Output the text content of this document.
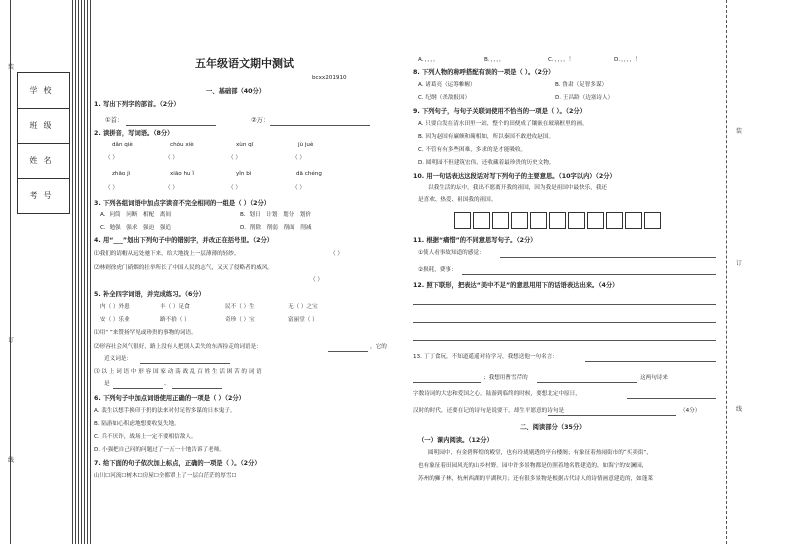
装
订
线
学校
班级
姓名
考号
装
订
线
五年级语文期中测试
bcxx201910
一、基础部（40分）
1. 写出下列字的部首。（2分）
①首：	②万：
2. 读拼音，写词语。（8分）
dǎn qiè	chóu xiè	xùn qī	jù juè
（ ）	（ ）	（ ）	（ ）
zhāo jì	xiāo hu ǐ	yǐn bì	dā chéng
（ ）	（ ）	（ ）	（ ）
3. 下列各组词语中加点字读音不完全相同的一组是（ ）（2分）
A．问筒　问断　相配　离间	B．划日　计划　划分　划价
C．勉强　强求　强迫　强追	D．削除　削弱　削面　削减
4. 用“___”划出下列句子中的错别字，并改正在括号里。（2分）
⑴我们的请帽从远处驰下来，给大地拢上一层薄薄的轻纱。	（ ）
⑵林则徐虎门硝烟的壮举所长了中国人民的志气，又灭了侵略者的威风。
（ ）
5. 补全四字词语，并完成练习。（6分）
内（ ）外患	丰（ ）足食	民不（ ）生	无（ ）之宝
安（ ）乐业	路不拾（ ）	奇珍（ ）宝	富丽堂（ ）
⑴用“ ”来赞扬罕见或珍贵的事物的词语。
⑵形容社会风气很好，路上没有人把别人丢失的东西捡走的词语是：	，它的
近义词是：
⑶ 以 上 词 语 中 形 容 国 家 动 荡 战 乱 百 姓 生 活 困 苦 的 词 语
是	、
6. 下列句子中加点词语使用正确的一项是（ ）（2分）
A. 裴生以想手换印于扔的法来对付足智多谋的日本鬼子。
B. 陆游如心积虑地想要收复失地。
C. 兵不厌诈，战场上一定不要相信敌人。
D. 小强把自己问的问题过了一五一十地告诉了老师。
7. 给下面的句子依次加上标点，正确的一项是（ ）。（2分）
山川☐河流☐树木☐房屋☐全都罩上了一层白茫茫的厚雪☐
A．，，，。	B．，，，，	C．，，，，！	D．，，，，！
8. 下列人物的称呼搭配有误的一项是（ ）。（2分）
A. 诸葛亮（运筹帷幄）	B. 鲁肃（足智多谋）
C. 纪纲（杀敌报国）	D. 王昌龄（边塞诗人）
9. 下列句子，与句子关联词使用不恰当的一项是（ ）。（2分）
A. 只要白发在清水田里一站，整个的田便成了镶嵌在玻璃框里的画。
B. 因为赵国有廉颇和蔺相如，所以秦国不敢进攻赵国。
C. 不管有有多些困难，多求的是才能吸收。
D. 圆明园不但建筑宏伟，还收藏着最珍贵的历史文物。
10. 用一句话表达这段话对写下列句子的主要意思。（10字以内）（2分）
以我生活的坛中，我出不愿离开我的祖国，因为我是祖国中最快乐，我还
是喜欢、热爱、祖国我的祖国。
11. 根据“痛惜”的不同意思写句子。（2分）
①使人看事故知道的感觉：
②损耗，费事：
12. 照下联形，把表达“美中不足”的意思用用下的话语表达出来。（4分）
13. 丁丁食玩，不知道遥遥对待学习，我想送他一句名言：
；我想用曹雪芹的	这两句诗来
字数诗词的大忠和爱国之心，陆游到临终的时候，要想北定中原日，
汉时的时代，还要在记的诗句是说要干，却生平愿意的诗句是	（4分）
二、阅读部分（35分）
（一）课内阅读。（12分）
圆明园中，有金碧辉煌的殿堂，也有玲珑剔透的亭台楼阁；有象征着热闹街市的“买卖街”，
也有象征着田园风光的山乡村野。园中许多景物都是仿照着地名胜建造的，如海宁的安澜园，
苏州的狮子林，杭州西湖的平湖秋月；还有很多景物是根据古代诗人的诗情画意建造的，如蓬莱
